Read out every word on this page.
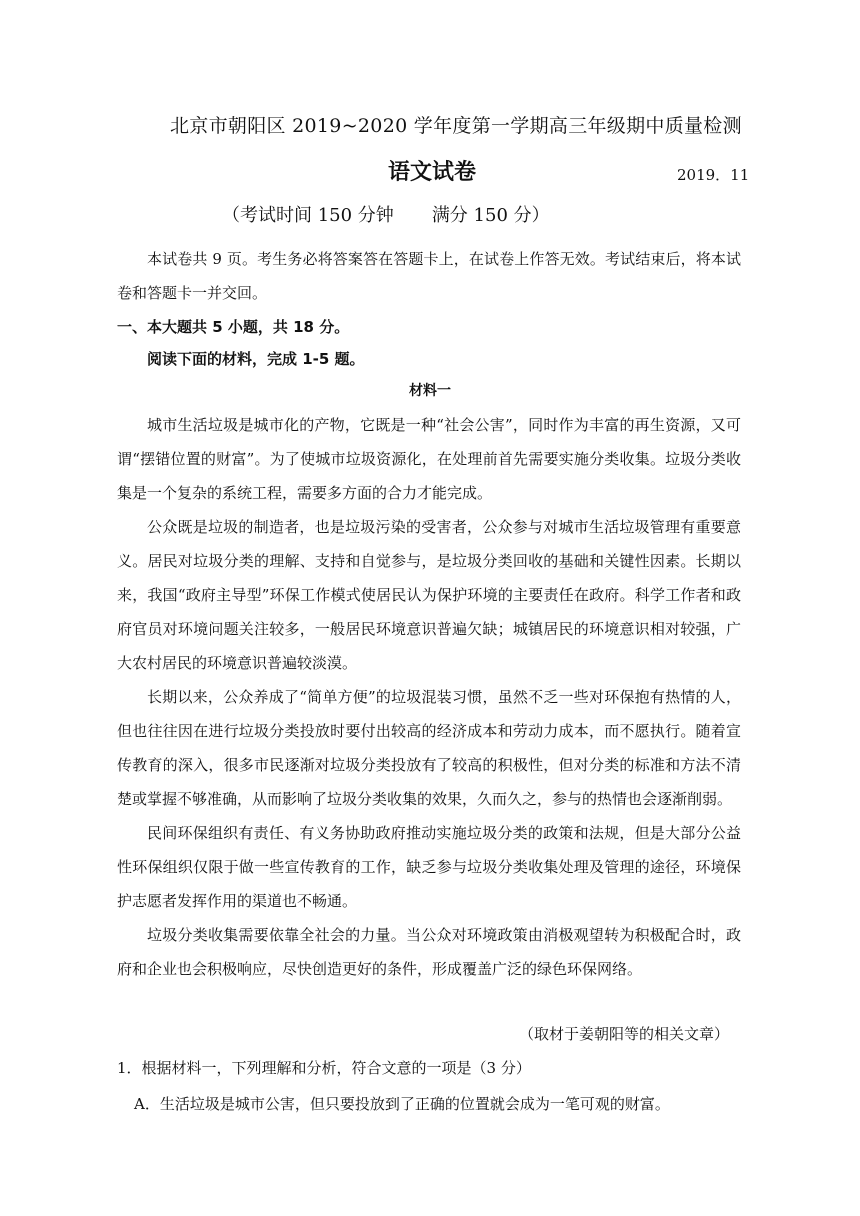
北京市朝阳区 2019~2020 学年度第一学期高三年级期中质量检测
语文试卷	2019．11
（考试时间 150 分钟 满分 150 分）

本试卷共 9 页。考生务必将答案答在答题卡上，在试卷上作答无效。考试结束后，将本试卷和答题卡一并交回。

一、本大题共 5 小题，共 18 分。
阅读下面的材料，完成 1-5 题。
材料一

城市生活垃圾是城市化的产物，它既是一种“社会公害”，同时作为丰富的再生资源，又可谓“摆错位置的财富”。为了使城市垃圾资源化，在处理前首先需要实施分类收集。垃圾分类收集是一个复杂的系统工程，需要多方面的合力才能完成。

公众既是垃圾的制造者，也是垃圾污染的受害者，公众参与对城市生活垃圾管理有重要意义。居民对垃圾分类的理解、支持和自觉参与，是垃圾分类回收的基础和关键性因素。长期以来，我国“政府主导型”环保工作模式使居民认为保护环境的主要责任在政府。科学工作者和政府官员对环境问题关注较多，一般居民环境意识普遍欠缺；城镇居民的环境意识相对较强，广大农村居民的环境意识普遍较淡漠。

长期以来，公众养成了“简单方便”的垃圾混装习惯，虽然不乏一些对环保抱有热情的人，但也往往因在进行垃圾分类投放时要付出较高的经济成本和劳动力成本，而不愿执行。随着宣传教育的深入，很多市民逐渐对垃圾分类投放有了较高的积极性，但对分类的标准和方法不清楚或掌握不够准确，从而影响了垃圾分类收集的效果，久而久之，参与的热情也会逐渐削弱。

民间环保组织有责任、有义务协助政府推动实施垃圾分类的政策和法规，但是大部分公益性环保组织仅限于做一些宣传教育的工作，缺乏参与垃圾分类收集处理及管理的途径，环境保护志愿者发挥作用的渠道也不畅通。

垃圾分类收集需要依靠全社会的力量。当公众对环境政策由消极观望转为积极配合时，政府和企业也会积极响应，尽快创造更好的条件，形成覆盖广泛的绿色环保网络。

（取材于姜朝阳等的相关文章）
1．根据材料一，下列理解和分析，符合文意的一项是（3 分）
A．生活垃圾是城市公害，但只要投放到了正确的位置就会成为一笔可观的财富。
